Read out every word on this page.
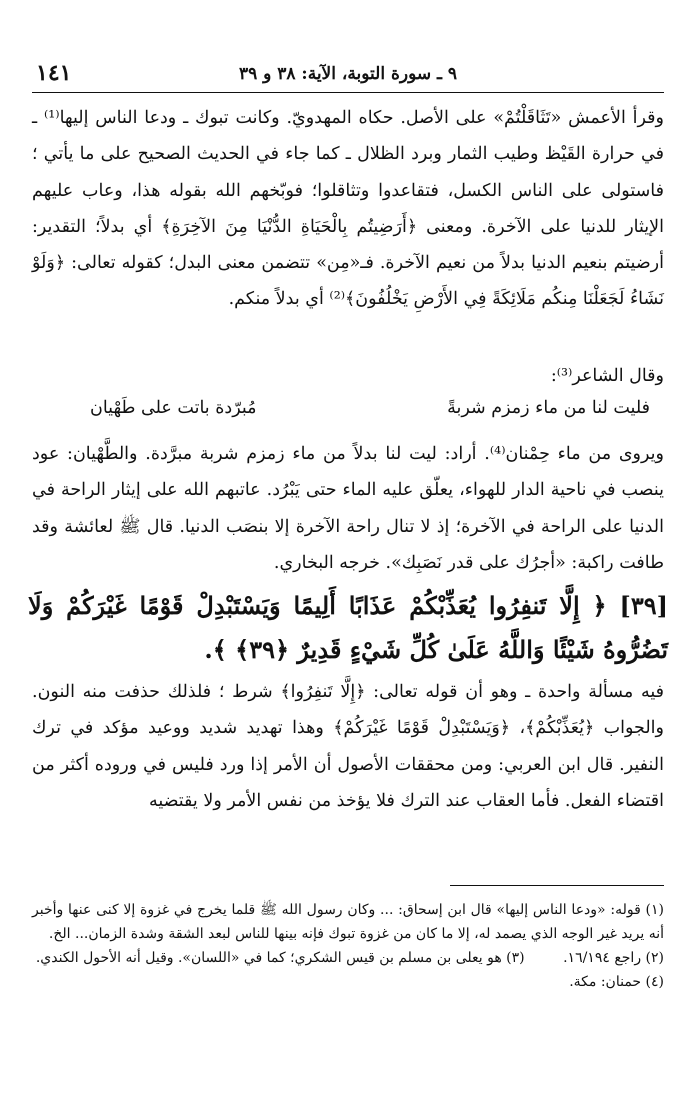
٩ ـ سورة التوبة، الآية: ٣٨ و ٣٩
١٤١

وقرأ الأعمش «تَثَاقَلْتُمْ» على الأصل. حكاه المهدويّ. وكانت تبوك ـ ودعا الناس إليها⁽¹⁾ ـ في حرارة القَيْظ وطيب الثمار وبرد الظلال ـ كما جاء في الحديث الصحيح على ما يأتي ؛ فاستولى على الناس الكسل، فتقاعدوا وتثاقلوا؛ فوبّخهم الله بقوله هذا، وعاب عليهم الإيثار للدنيا على الآخرة. ومعنى ﴿أَرَضِيتُم بِالْحَيَاةِ الدُّنْيَا مِنَ الآخِرَةِ﴾ أي بدلاً؛ التقدير: أرضيتم بنعيم الدنيا بدلاً من نعيم الآخرة. فـ«مِن» تتضمن معنى البدل؛ كقوله تعالى: ﴿وَلَوْ نَشَاءُ لَجَعَلْنَا مِنكُم مَلَائِكَةً فِي الأَرْضِ يَخْلُفُونَ﴾⁽²⁾ أي بدلاً منكم.

وقال الشاعر⁽³⁾:
فليت لنا من ماء زمزم شربةً
مُبرّدة باتت على طَهْيان
ويروى من ماء حِمْنان⁽⁴⁾. أراد: ليت لنا بدلاً من ماء زمزم شربة مبرَّدة. والطَّهْيان: عود ينصب في ناحية الدار للهواء، يعلّق عليه الماء حتى يَبْرُد. عاتبهم الله على إيثار الراحة في الدنيا على الراحة في الآخرة؛ إذ لا تنال راحة الآخرة إلا بنصَب الدنيا. قال ﷺ لعائشة وقد طافت راكبة: «أجرُك على قدر نَصَبِك». خرجه البخاري.
[٣٩] ﴿ إِلَّا تَنفِرُوا يُعَذِّبْكُمْ عَذَابًا أَلِيمًا وَيَسْتَبْدِلْ قَوْمًا غَيْرَكُمْ وَلَا تَضُرُّوهُ شَيْئًا وَاللَّهُ عَلَىٰ كُلِّ شَيْءٍ قَدِيرٌ ﴿٣٩﴾ ﴾.
فيه مسألة واحدة ـ وهو أن قوله تعالى: ﴿إِلَّا تَنفِرُوا﴾ شرط ؛ فلذلك حذفت منه النون. والجواب ﴿يُعَذِّبْكُمْ﴾، ﴿وَيَسْتَبْدِلْ قَوْمًا غَيْرَكُمْ﴾ وهذا تهديد شديد ووعيد مؤكد في ترك النفير. قال ابن العربي: ومن محققات الأصول أن الأمر إذا ورد فليس في وروده أكثر من اقتضاء الفعل. فأما العقاب عند الترك فلا يؤخذ من نفس الأمر ولا يقتضيه

(١) قوله: «ودعا الناس إليها» قال ابن إسحاق: ... وكان رسول الله ﷺ قلما يخرج في غزوة إلا كنى عنها وأخبر أنه يريد غير الوجه الذي يصمد له، إلا ما كان من غزوة تبوك فإنه بينها للناس لبعد الشقة وشدة الزمان... الخ.

(٢) راجع ١٦/١٩٤. (٣) هو يعلى بن مسلم بن قيس الشكري؛ كما في «اللسان». وقيل أنه الأحول الكندي.

(٤) حمنان: مكة.
